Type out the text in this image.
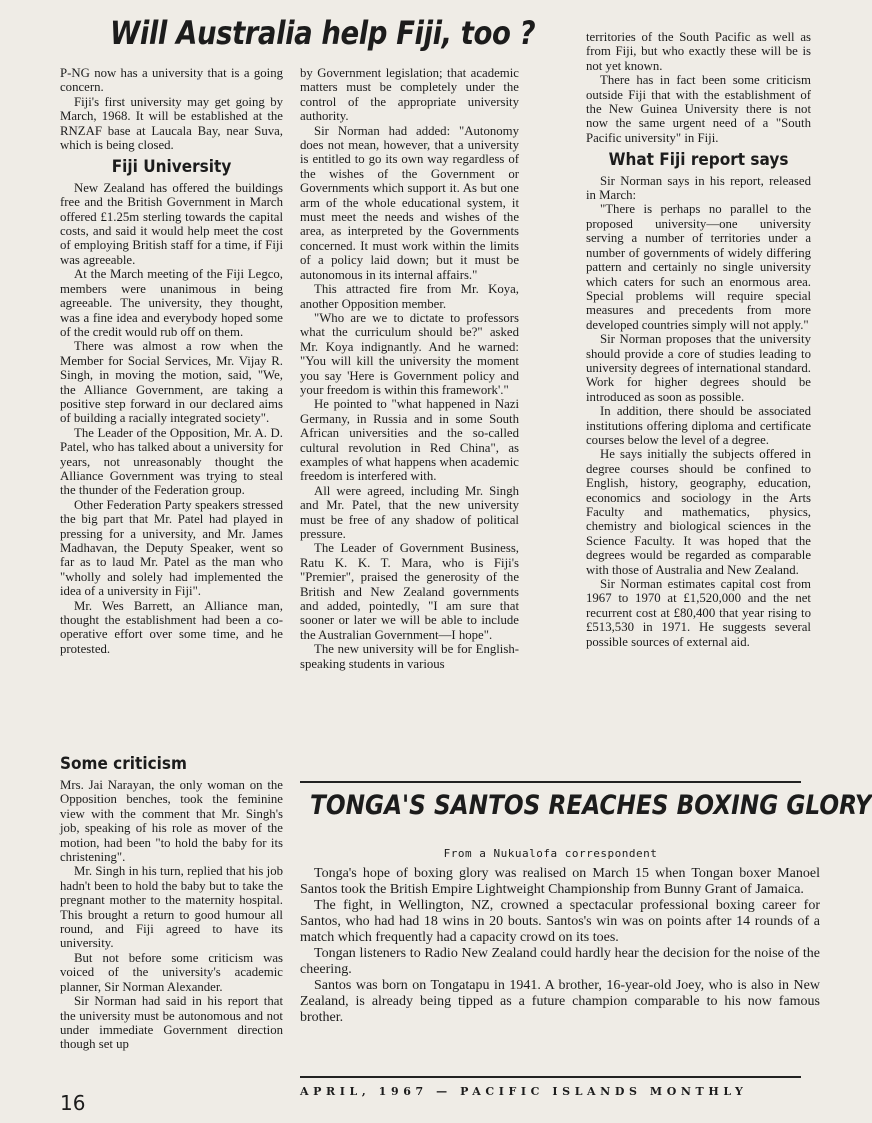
Will Australia help Fiji, too ?

P-NG now has a university that is a going concern.

Fiji's first university may get going by March, 1968. It will be established at the RNZAF base at Laucala Bay, near Suva, which is being closed.

Fiji University

New Zealand has offered the buildings free and the British Government in March offered £1.25m sterling towards the capital costs, and said it would help meet the cost of employing British staff for a time, if Fiji was agreeable.

At the March meeting of the Fiji Legco, members were unanimous in being agreeable. The university, they thought, was a fine idea and everybody hoped some of the credit would rub off on them.

There was almost a row when the Member for Social Services, Mr. Vijay R. Singh, in moving the motion, said, "We, the Alliance Government, are taking a positive step forward in our declared aims of building a racially integrated society".

The Leader of the Opposition, Mr. A. D. Patel, who has talked about a university for years, not unreasonably thought the Alliance Government was trying to steal the thunder of the Federation group.

Other Federation Party speakers stressed the big part that Mr. Patel had played in pressing for a university, and Mr. James Madhavan, the Deputy Speaker, went so far as to laud Mr. Patel as the man who "wholly and solely had implemented the idea of a university in Fiji".

Mr. Wes Barrett, an Alliance man, thought the establishment had been a co-operative effort over some time, and he protested.

Some criticism

Mrs. Jai Narayan, the only woman on the Opposition benches, took the feminine view with the comment that Mr. Singh's job, speaking of his role as mover of the motion, had been "to hold the baby for its christening".

Mr. Singh in his turn, replied that his job hadn't been to hold the baby but to take the pregnant mother to the maternity hospital. This brought a return to good humour all round, and Fiji agreed to have its university.

But not before some criticism was voiced of the university's academic planner, Sir Norman Alexander.

Sir Norman had said in his report that the university must be autonomous and not under immediate Government direction though set up

by Government legislation; that academic matters must be completely under the control of the appropriate university authority.

Sir Norman had added: "Autonomy does not mean, however, that a university is entitled to go its own way regardless of the wishes of the Government or Governments which support it. As but one arm of the whole educational system, it must meet the needs and wishes of the area, as interpreted by the Governments concerned. It must work within the limits of a policy laid down; but it must be autonomous in its internal affairs."

This attracted fire from Mr. Koya, another Opposition member.

"Who are we to dictate to professors what the curriculum should be?" asked Mr. Koya indignantly. And he warned: "You will kill the university the moment you say 'Here is Government policy and your freedom is within this framework'."

He pointed to "what happened in Nazi Germany, in Russia and in some South African universities and the so-called cultural revolution in Red China", as examples of what happens when academic freedom is interfered with.

All were agreed, including Mr. Singh and Mr. Patel, that the new university must be free of any shadow of political pressure.

The Leader of Government Business, Ratu K. K. T. Mara, who is Fiji's "Premier", praised the generosity of the British and New Zealand governments and added, pointedly, "I am sure that sooner or later we will be able to include the Australian Government—I hope".

The new university will be for English-speaking students in various

territories of the South Pacific as well as from Fiji, but who exactly these will be is not yet known.

There has in fact been some criticism outside Fiji that with the establishment of the New Guinea University there is not now the same urgent need of a "South Pacific university" in Fiji.

What Fiji report says

Sir Norman says in his report, released in March:

"There is perhaps no parallel to the proposed university—one university serving a number of territories under a number of governments of widely differing pattern and certainly no single university which caters for such an enormous area. Special problems will require special measures and precedents from more developed countries simply will not apply."

Sir Norman proposes that the university should provide a core of studies leading to university degrees of international standard. Work for higher degrees should be introduced as soon as possible.

In addition, there should be associated institutions offering diploma and certificate courses below the level of a degree.

He says initially the subjects offered in degree courses should be confined to English, history, geography, education, economics and sociology in the Arts Faculty and mathematics, physics, chemistry and biological sciences in the Science Faculty. It was hoped that the degrees would be regarded as comparable with those of Australia and New Zealand.

Sir Norman estimates capital cost from 1967 to 1970 at £1,520,000 and the net recurrent cost at £80,400 that year rising to £513,530 in 1971. He suggests several possible sources of external aid.

TONGA'S SANTOS REACHES BOXING GLORY
From a Nukualofa correspondent

Tonga's hope of boxing glory was realised on March 15 when Tongan boxer Manoel Santos took the British Empire Lightweight Championship from Bunny Grant of Jamaica.

The fight, in Wellington, NZ, crowned a spectacular professional boxing career for Santos, who had had 18 wins in 20 bouts. Santos's win was on points after 14 rounds of a match which frequently had a capacity crowd on its toes.

Tongan listeners to Radio New Zealand could hardly hear the decision for the noise of the cheering.

Santos was born on Tongatapu in 1941. A brother, 16-year-old Joey, who is also in New Zealand, is already being tipped as a future champion comparable to his now famous brother.

APRIL, 1967 — PACIFIC ISLANDS MONTHLY
16
